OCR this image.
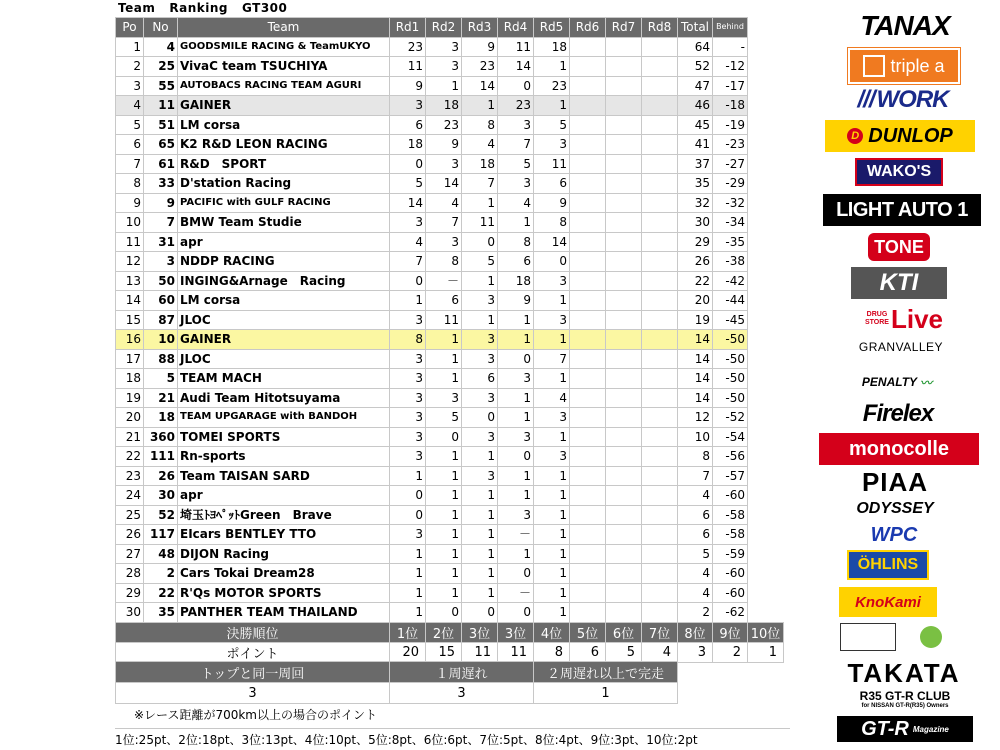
Team   Ranking   GT300
Po	No	Team	Rd1	Rd2	Rd3	Rd4	Rd5	Rd6	Rd7	Rd8	Total	Behind
1	4	GOODSMILE RACING & TeamUKYO	23	3	9	11	18				64	-
2	25	VivaC team TSUCHIYA	11	3	23	14	1				52	-12
3	55	AUTOBACS RACING TEAM AGURI	9	1	14	0	23				47	-17
4	11	GAINER	3	18	1	23	1				46	-18
5	51	LM corsa	6	23	8	3	5				45	-19
6	65	K2 R&D LEON RACING	18	9	4	7	3				41	-23
7	61	R&D　SPORT	0	3	18	5	11				37	-27
8	33	D'station Racing	5	14	7	3	6				35	-29
9	9	PACIFIC with GULF RACING	14	4	1	4	9				32	-32
10	7	BMW Team Studie	3	7	11	1	8				30	-34
11	31	apr	4	3	0	8	14				29	-35
12	3	NDDP RACING	7	8	5	6	0				26	-38
13	50	INGING&Arnage　Racing	0	－	1	18	3				22	-42
14	60	LM corsa	1	6	3	9	1				20	-44
15	87	JLOC	3	11	1	1	3				19	-45
16	10	GAINER	8	1	3	1	1				14	-50
17	88	JLOC	3	1	3	0	7				14	-50
18	5	TEAM MACH	3	1	6	3	1				14	-50
19	21	Audi Team Hitotsuyama	3	3	3	1	4				14	-50
20	18	TEAM UPGARAGE with BANDOH	3	5	0	1	3				12	-52
21	360	TOMEI SPORTS	3	0	3	3	1				10	-54
22	111	Rn-sports	3	1	1	0	3				8	-56
23	26	Team TAISAN SARD	1	1	3	1	1				7	-57
24	30	apr	0	1	1	1	1				4	-60
25	52	埼玉ﾄﾖﾍﾟｯﾄGreen　Brave	0	1	1	3	1				6	-58
26	117	EIcars BENTLEY TTO	3	1	1	－	1				6	-58
27	48	DIJON Racing	1	1	1	1	1				5	-59
28	2	Cars Tokai Dream28	1	1	1	0	1				4	-60
29	22	R'Qs MOTOR SPORTS	1	1	1	－	1				4	-60
30	35	PANTHER TEAM THAILAND	1	0	0	0	1				2	-62
決勝順位	1位	2位	3位	3位	4位	5位	6位	7位	8位	9位	10位
ポイント	20	15	11	11	8	6	5	4	3	2	1
トップと同一周回	１周遅れ	２周遅れ以上で完走
3	3	1
※レース距離が700km以上の場合のポイント
1位:25pt、2位:18pt、3位:13pt、4位:10pt、5位:8pt、6位:6pt、7位:5pt、8位:4pt、9位:3pt、10位:2pt
TANAX
triple a
/// WORK
D DUNLOP
WAKO'S
LIGHT AUTO 1
TONE
KTI
DRUG STORE Live
GRANVALLEY
PENALTY 〰
Firelex
monocolle
PIAA
ODYSSEY
WPC
ÖHLINS
KnoKami
TAKATA
R35 GT-R CLUB
for NISSAN GT-R(R35) Owners
GT-R Magazine
